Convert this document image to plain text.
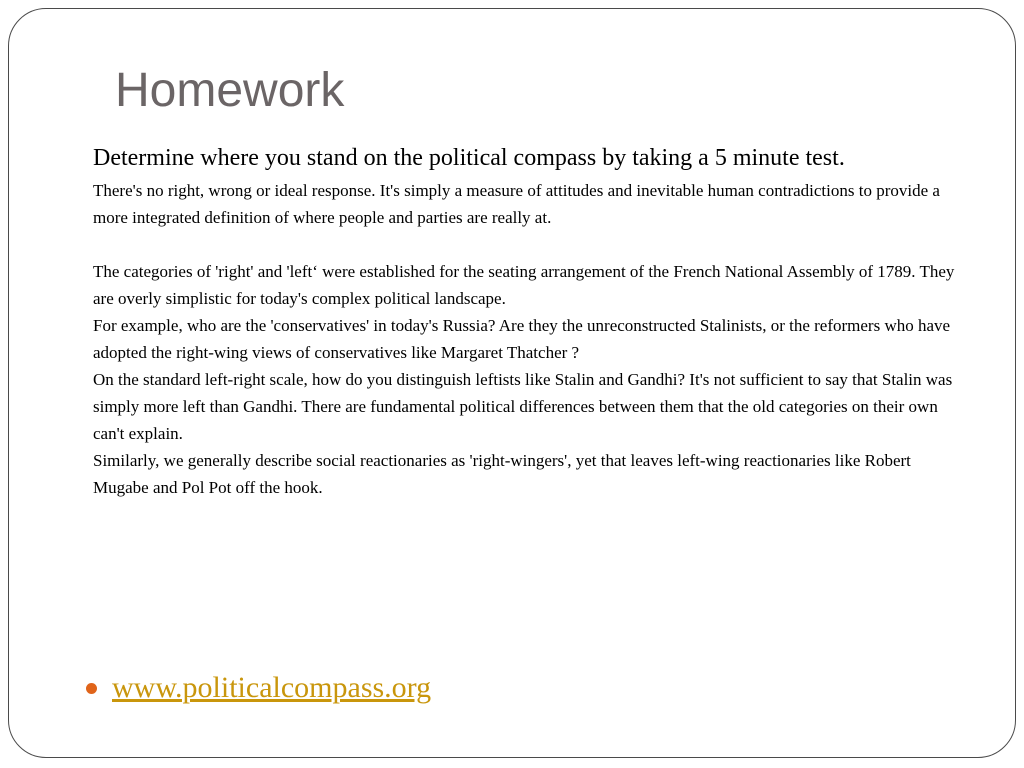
Homework

Determine where you stand on the political compass by taking a 5 minute test.

There's no right, wrong or ideal response. It's simply a measure of attitudes and inevitable human contradictions to provide a more integrated definition of where people and parties are really at.

The categories of 'right' and 'left‘ were established for the seating arrangement of the French National Assembly of 1789. They are overly simplistic for today's complex political landscape.

For example, who are the 'conservatives' in today's Russia? Are they the unreconstructed Stalinists, or the reformers who have adopted the right-wing views of conservatives like Margaret Thatcher ?

On the standard left-right scale, how do you distinguish leftists like Stalin and Gandhi? It's not sufficient to say that Stalin was simply more left than Gandhi. There are fundamental political differences between them that the old categories on their own can't explain.

Similarly, we generally describe social reactionaries as 'right-wingers', yet that leaves left-wing reactionaries like Robert Mugabe and Pol Pot off the hook.

www.politicalcompass.org
